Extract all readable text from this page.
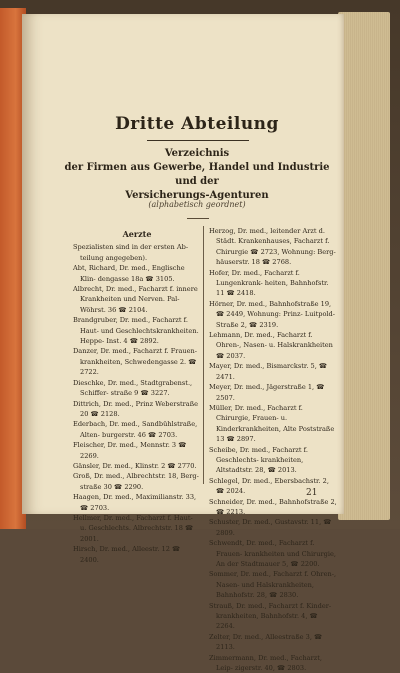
Dritte Abteilung
Verzeichnis
der Firmen aus Gewerbe, Handel und Industrie und der
Versicherungs-Agenturen
(alphabetisch geordnet)
Aerzte

Spezialisten sind in der ersten Ab- teilung angegeben).

Abt, Richard, Dr. med., Englische Klin- dengasse 18a ☎ 3105.

Albrecht, Dr. med., Facharzt f. innere Krankheiten und Nerven. Pal- Wöhrst. 36 ☎ 2104.

Brandgruber, Dr. med., Facharzt f. Haut- und Geschlechtskrankheiten. Heppe- Inst. 4 ☎ 2892.

Danzer, Dr. med., Facharzt f. Frauen- krankheiten, Schwedengasse 2. ☎ 2722.

Dieschke, Dr. med., Stadtgrabenst., Schiffer- straße 9 ☎ 3227.

Dittrich, Dr. med., Prinz Weberstraße 20 ☎ 2128.

Ederbach, Dr. med., Sandbühlstraße, Alten- burgerstr. 46 ☎ 2703.

Fleischer, Dr. med., Mennstr. 3 ☎ 2269.

Gänsler, Dr. med., Klinstr. 2 ☎ 2770.

Groß, Dr. med., Albrechtstr. 18, Berg- straße 30 ☎ 2290.

Haagen, Dr. med., Maximilianstr. 33, ☎ 2703.

Hellmer, Dr. med., Facharzt f. Haut- u. Geschlechts. Albrechtstr. 18 ☎ 2001.

Hirsch, Dr. med., Alleestr. 12 ☎ 2400.

Herzog, Dr. med., leitender Arzt d. Städt. Krankenhauses, Facharzt f. Chirurgie ☎ 2723, Wohnung: Berg- häuserstr. 18 ☎ 2768.

Hofer, Dr. med., Facharzt f. Lungenkrank- heiten, Bahnhofstr. 11 ☎ 2418.

Hörner, Dr. med., Bahnhofstraße 19, ☎ 2449, Wohnung: Prinz- Luitpold-Straße 2, ☎ 2319.

Lehmann, Dr. med., Facharzt f. Ohren-, Nasen- u. Halskrankheiten ☎ 2037.

Mayer, Dr. med., Bismarckstr. 5, ☎ 2471.

Meyer, Dr. med., Jägerstraße 1, ☎ 2507.

Müller, Dr. med., Facharzt f. Chirurgie, Frauen- u. Kinderkrankheiten, Alte Poststraße 13 ☎ 2897.

Scheibe, Dr. med., Facharzt f. Geschlechts- krankheiten, Altstadtstr. 28, ☎ 2013.

Schlegel, Dr. med., Ebersbachstr. 2, ☎ 2024.

Schneider, Dr. med., Bahnhofstraße 2, ☎ 2213.

Schuster, Dr. med., Gustavstr. 11, ☎ 2809.

Schwendt, Dr. med., Facharzt f. Frauen- krankheiten und Chirurgie, An der Stadtmauer 5, ☎ 2200.

Sommer, Dr. med., Facharzt f. Ohren-, Nasen- und Halskrankheiten, Bahnhofstr. 28, ☎ 2830.

Strauß, Dr. med., Facharzt f. Kinder- krankheiten, Bahnhofstr. 4, ☎ 2264.

Zelter, Dr. med., Alleestraße 3, ☎ 2113.

Zimmermann, Dr. med., Facharzt, Leip- zigerstr. 40, ☎ 2803.

21
